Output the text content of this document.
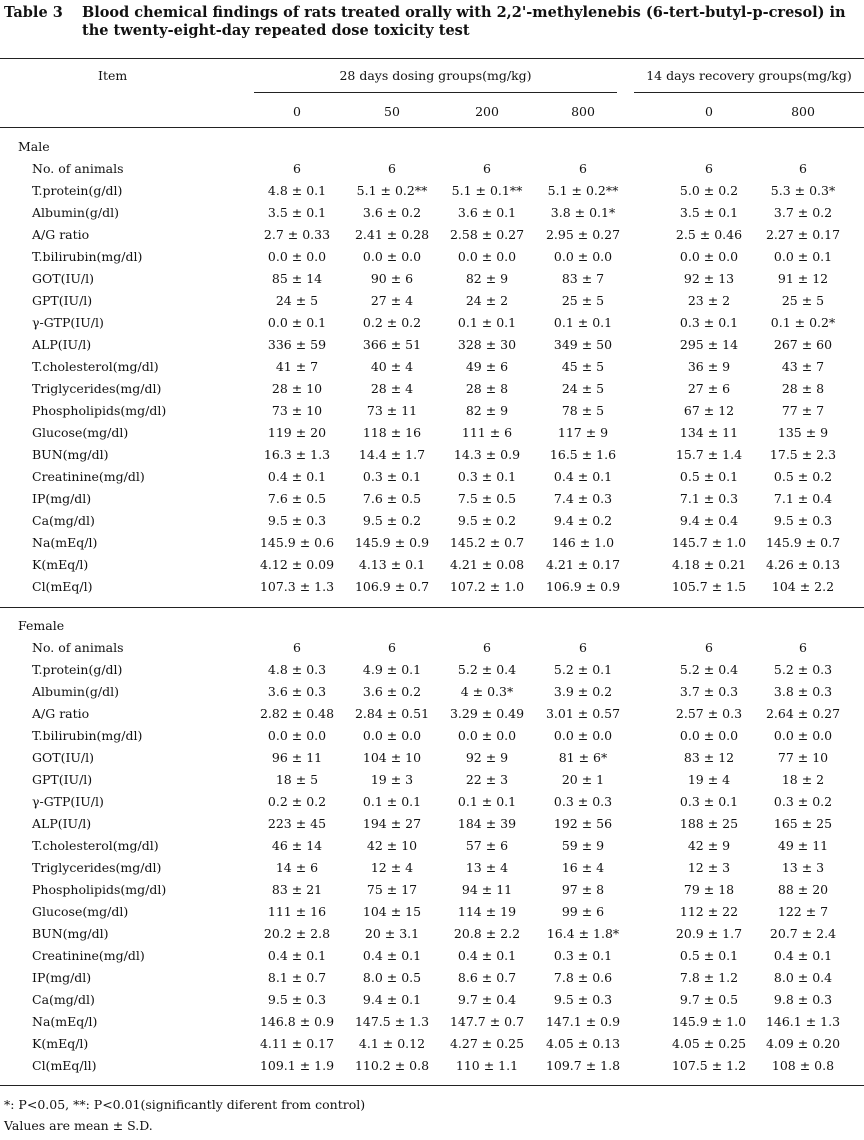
Table 3 Blood chemical findings of rats treated orally with 2,2'-methylenebis (6-tert-butyl-p-cresol) in the twenty-eight-day repeated dose toxicity test
Item	28 days dosing groups(mg/kg)	14 days recovery groups(mg/kg)
0	50	200	800	0	800
Male
No. of animals	6	6	6	6	6	6
T.protein(g/dl)	4.8 ± 0.1	5.1 ± 0.2**	5.1 ± 0.1**	5.1 ± 0.2**	5.0 ± 0.2	5.3 ± 0.3*
Albumin(g/dl)	3.5 ± 0.1	3.6 ± 0.2	3.6 ± 0.1	3.8 ± 0.1*	3.5 ± 0.1	3.7 ± 0.2
A/G ratio	2.7 ± 0.33	2.41 ± 0.28	2.58 ± 0.27	2.95 ± 0.27	2.5 ± 0.46	2.27 ± 0.17
T.bilirubin(mg/dl)	0.0 ± 0.0	0.0 ± 0.0	0.0 ± 0.0	0.0 ± 0.0	0.0 ± 0.0	0.0 ± 0.1
GOT(IU/l)	85 ± 14	90 ± 6	82 ± 9	83 ± 7	92 ± 13	91 ± 12
GPT(IU/l)	24 ± 5	27 ± 4	24 ± 2	25 ± 5	23 ± 2	25 ± 5
γ-GTP(IU/l)	0.0 ± 0.1	0.2 ± 0.2	0.1 ± 0.1	0.1 ± 0.1	0.3 ± 0.1	0.1 ± 0.2*
ALP(IU/l)	336 ± 59	366 ± 51	328 ± 30	349 ± 50	295 ± 14	267 ± 60
T.cholesterol(mg/dl)	41 ± 7	40 ± 4	49 ± 6	45 ± 5	36 ± 9	43 ± 7
Triglycerides(mg/dl)	28 ± 10	28 ± 4	28 ± 8	24 ± 5	27 ± 6	28 ± 8
Phospholipids(mg/dl)	73 ± 10	73 ± 11	82 ± 9	78 ± 5	67 ± 12	77 ± 7
Glucose(mg/dl)	119 ± 20	118 ± 16	111 ± 6	117 ± 9	134 ± 11	135 ± 9
BUN(mg/dl)	16.3 ± 1.3	14.4 ± 1.7	14.3 ± 0.9	16.5 ± 1.6	15.7 ± 1.4	17.5 ± 2.3
Creatinine(mg/dl)	0.4 ± 0.1	0.3 ± 0.1	0.3 ± 0.1	0.4 ± 0.1	0.5 ± 0.1	0.5 ± 0.2
IP(mg/dl)	7.6 ± 0.5	7.6 ± 0.5	7.5 ± 0.5	7.4 ± 0.3	7.1 ± 0.3	7.1 ± 0.4
Ca(mg/dl)	9.5 ± 0.3	9.5 ± 0.2	9.5 ± 0.2	9.4 ± 0.2	9.4 ± 0.4	9.5 ± 0.3
Na(mEq/l)	145.9 ± 0.6	145.9 ± 0.9	145.2 ± 0.7	146 ± 1.0	145.7 ± 1.0	145.9 ± 0.7
K(mEq/l)	4.12 ± 0.09	4.13 ± 0.1	4.21 ± 0.08	4.21 ± 0.17	4.18 ± 0.21	4.26 ± 0.13
Cl(mEq/l)	107.3 ± 1.3	106.9 ± 0.7	107.2 ± 1.0	106.9 ± 0.9	105.7 ± 1.5	104 ± 2.2
Female
No. of animals	6	6	6	6	6	6
T.protein(g/dl)	4.8 ± 0.3	4.9 ± 0.1	5.2 ± 0.4	5.2 ± 0.1	5.2 ± 0.4	5.2 ± 0.3
Albumin(g/dl)	3.6 ± 0.3	3.6 ± 0.2	4 ± 0.3*	3.9 ± 0.2	3.7 ± 0.3	3.8 ± 0.3
A/G ratio	2.82 ± 0.48	2.84 ± 0.51	3.29 ± 0.49	3.01 ± 0.57	2.57 ± 0.3	2.64 ± 0.27
T.bilirubin(mg/dl)	0.0 ± 0.0	0.0 ± 0.0	0.0 ± 0.0	0.0 ± 0.0	0.0 ± 0.0	0.0 ± 0.0
GOT(IU/l)	96 ± 11	104 ± 10	92 ± 9	81 ± 6*	83 ± 12	77 ± 10
GPT(IU/l)	18 ± 5	19 ± 3	22 ± 3	20 ± 1	19 ± 4	18 ± 2
γ-GTP(IU/l)	0.2 ± 0.2	0.1 ± 0.1	0.1 ± 0.1	0.3 ± 0.3	0.3 ± 0.1	0.3 ± 0.2
ALP(IU/l)	223 ± 45	194 ± 27	184 ± 39	192 ± 56	188 ± 25	165 ± 25
T.cholesterol(mg/dl)	46 ± 14	42 ± 10	57 ± 6	59 ± 9	42 ± 9	49 ± 11
Triglycerides(mg/dl)	14 ± 6	12 ± 4	13 ± 4	16 ± 4	12 ± 3	13 ± 3
Phospholipids(mg/dl)	83 ± 21	75 ± 17	94 ± 11	97 ± 8	79 ± 18	88 ± 20
Glucose(mg/dl)	111 ± 16	104 ± 15	114 ± 19	99 ± 6	112 ± 22	122 ± 7
BUN(mg/dl)	20.2 ± 2.8	20 ± 3.1	20.8 ± 2.2	16.4 ± 1.8*	20.9 ± 1.7	20.7 ± 2.4
Creatinine(mg/dl)	0.4 ± 0.1	0.4 ± 0.1	0.4 ± 0.1	0.3 ± 0.1	0.5 ± 0.1	0.4 ± 0.1
IP(mg/dl)	8.1 ± 0.7	8.0 ± 0.5	8.6 ± 0.7	7.8 ± 0.6	7.8 ± 1.2	8.0 ± 0.4
Ca(mg/dl)	9.5 ± 0.3	9.4 ± 0.1	9.7 ± 0.4	9.5 ± 0.3	9.7 ± 0.5	9.8 ± 0.3
Na(mEq/l)	146.8 ± 0.9	147.5 ± 1.3	147.7 ± 0.7	147.1 ± 0.9	145.9 ± 1.0	146.1 ± 1.3
K(mEq/l)	4.11 ± 0.17	4.1 ± 0.12	4.27 ± 0.25	4.05 ± 0.13	4.05 ± 0.25	4.09 ± 0.20
Cl(mEq/ll)	109.1 ± 1.9	110.2 ± 0.8	110 ± 1.1	109.7 ± 1.8	107.5 ± 1.2	108 ± 0.8
*: P<0.05, **: P<0.01(significantly diferent from control)
Values are mean ± S.D.
